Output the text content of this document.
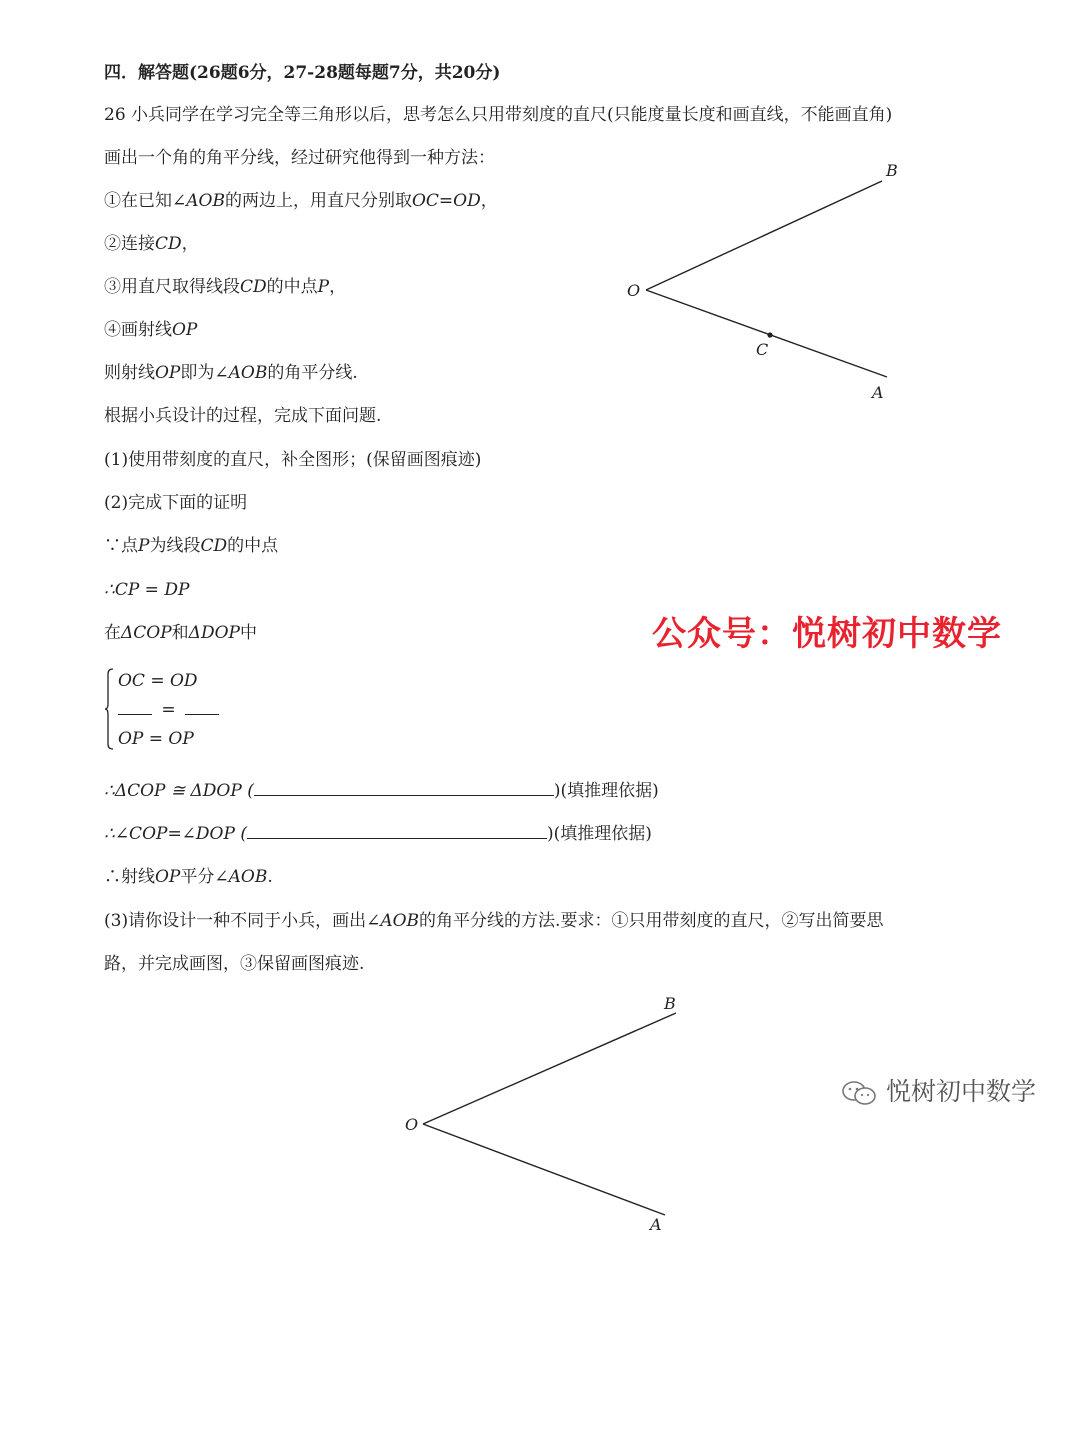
四．解答题(26题6分，27-28题每题7分，共20分)
26 小兵同学在学习完全等三角形以后，思考怎么只用带刻度的直尺(只能度量长度和画直线，不能画直角)
画出一个角的角平分线，经过研究他得到一种方法：
①在已知∠AOB的两边上，用直尺分别取OC=OD，
②连接CD，
③用直尺取得线段CD的中点P，
④画射线OP
则射线OP即为∠AOB的角平分线.
根据小兵设计的过程，完成下面问题.
(1)使用带刻度的直尺，补全图形；(保留画图痕迹)
(2)完成下面的证明
∵点P为线段CD的中点
∴CP = DP
在ΔCOP和ΔDOP中
OC = OD
=
OP = OP
∴ΔCOP ≅ ΔDOP (	)(填推理依据)
∴∠COP=∠DOP (	)(填推理依据)
∴射线OP平分∠AOB.
(3)请你设计一种不同于小兵，画出∠AOB的角平分线的方法.要求：①只用带刻度的直尺，②写出简要思
路，并完成画图，③保留画图痕迹.
O
B
A
C
公众号：悦树初中数学
O
B
A
悦树初中数学
